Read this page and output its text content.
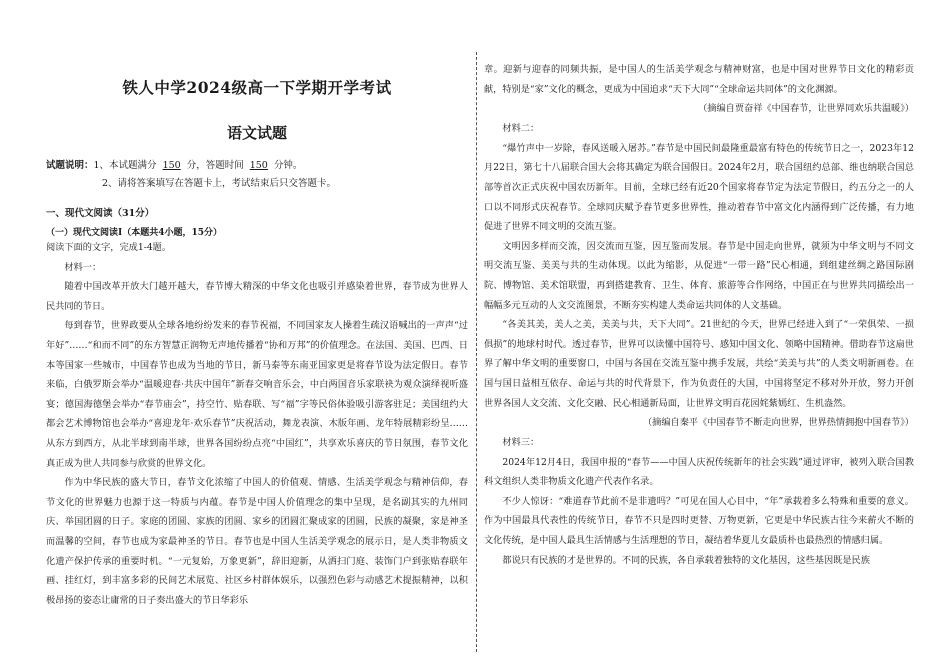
铁人中学2024级高一下学期开学考试
语文试题
试题说明：1、本试题满分 150 分，答题时间 150 分钟。
2、请将答案填写在答题卡上，考试结束后只交答题卡。
一、现代文阅读（31分）
（一）现代文阅读Ⅰ（本题共4小题，15分）

阅读下面的文字，完成1-4题。

材料一：

随着中国改革开放大门越开越大，春节博大精深的中华文化也吸引并感染着世界，春节成为世界人民共同的节日。

每到春节，世界政要从全球各地纷纷发来的春节祝福，不同国家友人操着生疏汉语喊出的一声声“过年好”……“和而不同”的东方智慧正润物无声地传播着“协和万邦”的价值理念。在法国、美国、巴西、日本等国家一些城市，中国春节也成为当地的节日，新马泰等东南亚国家更是将春节设为法定假日。春节来临，白俄罗斯会举办“温暖迎春·共庆中国年”新春交响音乐会，中白两国音乐家联袂为观众演绎视听盛宴；德国海德堡会举办“春节庙会”，持空竹、贴春联、写“福”字等民俗体验吸引游客驻足；美国纽约大都会艺术博物馆也会举办“喜迎龙年·欢乐春节”庆祝活动，舞龙表演、木版年画、龙年特展精彩纷呈……从东方到西方，从北半球到南半球，世界各国纷纷点亮“中国红”，共享欢乐喜庆的节日氛围，春节文化真正成为世人共同参与欣赏的世界文化。

作为中华民族的盛大节日，春节文化浓缩了中国人的价值观、情感、生活美学观念与精神信仰，春节文化的世界魅力也源于这一特质与内蕴。春节是中国人价值理念的集中呈现，是名副其实的九州同庆、举国团圆的日子。家庭的团圆、家族的团圆、家乡的团圆汇聚成家的团圆，民族的凝聚，家是神圣而温馨的空间，春节也成为家最神圣的节日。春节也是中国人生活美学观念的展示日，是人类非物质文化遗产保护传承的重要时机。“一元复始，万象更新”，辞旧迎新，从洒扫门庭、装饰门户到张贴春联年画、挂红灯，到丰富多彩的民间艺术展览、社区乡村群体娱乐，以强烈色彩与动感艺术提振精神，以积极昂扬的姿态让庸常的日子奏出盛大的节日华彩乐

章。迎新与迎春的同频共振，是中国人的生活美学观念与精神财富，也是中国对世界节日文化的精彩贡献，特别是“家”文化的概念，更成为中国追求“天下大同”“全球命运共同体”的文化渊源。

（摘编自贾奋祥《中国春节，让世界同欢乐共温暖》）

材料二：

“爆竹声中一岁除，春风送暖入屠苏。”春节是中国民间最隆重最富有特色的传统节日之一，2023年12月22日，第七十八届联合国大会将其确定为联合国假日。2024年2月，联合国纽约总部、维也纳联合国总部等首次正式庆祝中国农历新年。目前，全球已经有近20个国家将春节定为法定节假日，约五分之一的人口以不同形式庆祝春节。全球同庆赋予春节更多世界性，推动着春节中富文化内涵得到广泛传播，有力地促进了世界不同文明的交流互鉴。

文明因多样而交流，因交流而互鉴，因互鉴而发展。春节是中国走向世界，就须为中华文明与不同文明交流互鉴、美美与共的生动体现。以此为缩影，从促进“一带一路”民心相通，到组建丝绸之路国际剧院、博物馆、美术馆联盟，再到搭建教育、卫生、体育、旅游等合作网络，中国正在与世界共同描绘出一幅幅多元互动的人文交流图景，不断夯实构建人类命运共同体的人文基础。

“各美其美，美人之美，美美与共，天下大同”。21世纪的今天，世界已经进入到了“一荣俱荣、一损俱损”的地球村时代。透过春节，世界可以读懂中国符号、感知中国文化、领略中国精神。借助春节这扇世界了解中华文明的重要窗口，中国与各国在交流互鉴中携手发展，共绘“美美与共”的人类文明新画卷。在国与国日益相互依存、命运与共的时代背景下，作为负责任的大国，中国将坚定不移对外开放，努力开创世界各国人文交流、文化交融、民心相通新局面，让世界文明百花园姹紫嫣红、生机盎然。

（摘编自秦平《中国春节不断走向世界，世界热情拥抱中国春节》）

材料三：

2024年12月4日，我国申报的“春节——中国人庆祝传统新年的社会实践”通过评审，被列入联合国教科文组织人类非物质文化遗产代表作名录。

不少人惊讶：“难道春节此前不是非遗吗？”可见在国人心目中，“年”承载着多么特殊和重要的意义。作为中国最具代表性的传统节日，春节不只是四时更替、万物更新，它更是中华民族古往今来薪火不断的文化传统，是中国人最具生活情感与生活理想的节日，凝结着华夏儿女最质朴也最热烈的情感归属。

都说只有民族的才是世界的。不同的民族，各自承载着独特的文化基因，这些基因既是民族
